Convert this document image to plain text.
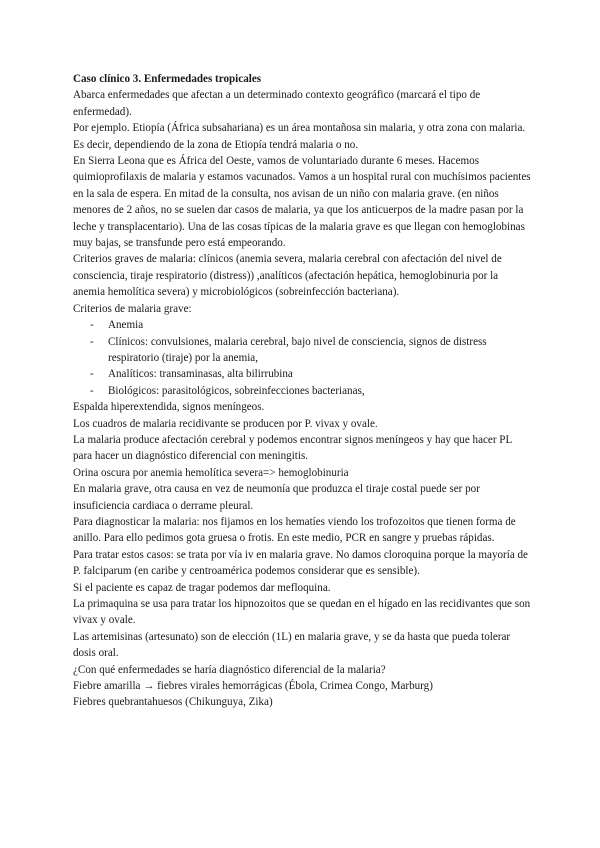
Caso clínico 3. Enfermedades tropicales

Abarca enfermedades que afectan a un determinado contexto geográfico (marcará el tipo de enfermedad).

Por ejemplo. Etiopía (África subsahariana) es un área montañosa sin malaria, y otra zona con malaria. Es decir, dependiendo de la zona de Etiopía tendrá malaria o no.

En Sierra Leona que es África del Oeste, vamos de voluntariado durante 6 meses. Hacemos quimioprofilaxis de malaria y estamos vacunados. Vamos a un hospital rural con muchísimos pacientes en la sala de espera. En mitad de la consulta, nos avisan de un niño con malaria grave. (en niños menores de 2 años, no se suelen dar casos de malaria, ya que los anticuerpos de la madre pasan por la leche y transplacentario). Una de las cosas típicas de la malaria grave es que llegan con hemoglobinas muy bajas, se transfunde pero está empeorando.

Criterios graves de malaria: clínicos (anemia severa, malaria cerebral con afectación del nivel de consciencia, tiraje respiratorio (distress)) ,analíticos (afectación hepática, hemoglobinuria por la anemia hemolítica severa) y microbiológicos (sobreinfección bacteriana).

Criterios de malaria grave:

- Anemia
- Clínicos: convulsiones, malaria cerebral, bajo nivel de consciencia, signos de distress respiratorio (tiraje) por la anemia,
- Analíticos: transaminasas, alta bilirrubina
- Biológicos: parasitológicos, sobreinfecciones bacterianas,

Espalda hiperextendida, signos meníngeos.

Los cuadros de malaria recidivante se producen por P. vivax y ovale.

La malaria produce afectación cerebral y podemos encontrar signos meníngeos y hay que hacer PL para hacer un diagnóstico diferencial con meningitis.

Orina oscura por anemia hemolítica severa=> hemoglobinuria

En malaria grave, otra causa en vez de neumonía que produzca el tiraje costal puede ser por insuficiencia cardiaca o derrame pleural.

Para diagnosticar la malaria: nos fijamos en los hematíes viendo los trofozoitos que tienen forma de anillo. Para ello pedimos gota gruesa o frotis. En este medio, PCR en sangre y pruebas rápidas.

Para tratar estos casos: se trata por vía iv en malaria grave. No damos cloroquina porque la mayoría de P. falciparum (en caribe y centroamérica podemos considerar que es sensible).

Si el paciente es capaz de tragar podemos dar mefloquina.

La primaquina se usa para tratar los hipnozoitos que se quedan en el hígado en las recidivantes que son vivax y ovale.

Las artemisinas (artesunato) son de elección (1L) en malaria grave, y se da hasta que pueda tolerar dosis oral.

¿Con qué enfermedades se haría diagnóstico diferencial de la malaria?

Fiebre amarilla → fiebres virales hemorrágicas (Ébola, Crimea Congo, Marburg)

Fiebres quebrantahuesos (Chikunguya, Zika)
